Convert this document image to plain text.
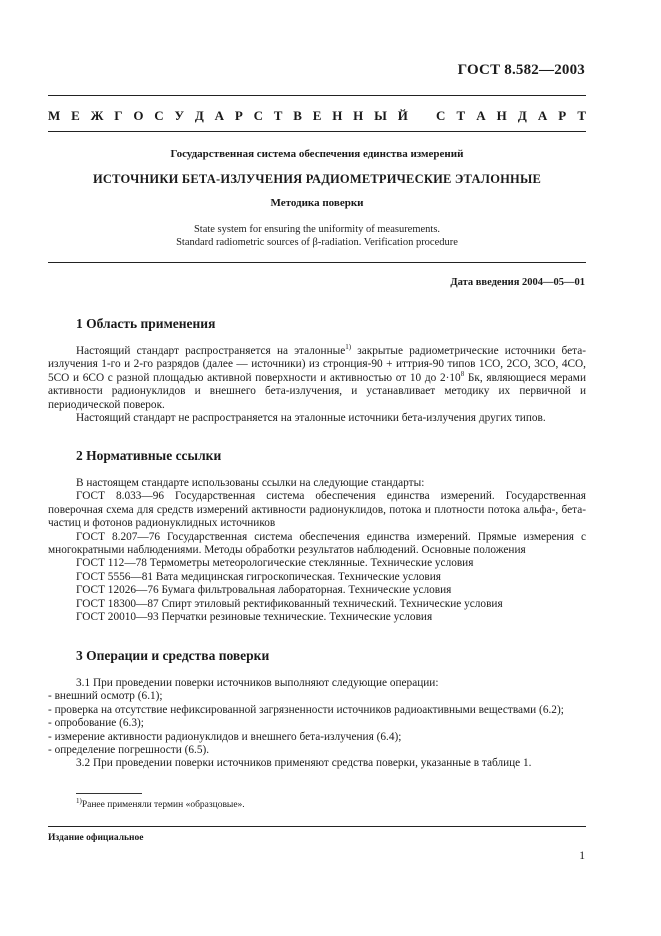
ГОСТ 8.582—2003
М Е Ж Г О С У Д А Р С Т В Е Н Н Ы Й С Т А Н Д А Р Т
Государственная система обеспечения единства измерений
ИСТОЧНИКИ БЕТА-ИЗЛУЧЕНИЯ РАДИОМЕТРИЧЕСКИЕ ЭТАЛОННЫЕ
Методика поверки
State system for ensuring the uniformity of measurements.
Standard radiometric sources of β-radiation. Verification procedure
Дата введения 2004—05—01
1 Область применения

Настоящий стандарт распространяется на эталонные$^{1)}$ закрытые радиометрические источники бета-излучения 1-го и 2-го разрядов (далее — источники) из стронция-90 + иттрия-90 типов 1СО, 2СО, 3СО, 4СО, 5СО и 6СО с разной площадью активной поверхности и активностью от 10 до $2\cdot 10^8$ Бк, являющиеся мерами активности радионуклидов и внешнего бета-излучения, и устанавливает методику их первичной и периодической поверок.

Настоящий стандарт не распространяется на эталонные источники бета-излучения других типов.

2 Нормативные ссылки

В настоящем стандарте использованы ссылки на следующие стандарты:

ГОСТ 8.033—96 Государственная система обеспечения единства измерений. Государственная поверочная схема для средств измерений активности радионуклидов, потока и плотности потока альфа-, бета-частиц и фотонов радионуклидных источников

ГОСТ 8.207—76 Государственная система обеспечения единства измерений. Прямые измерения с многократными наблюдениями. Методы обработки результатов наблюдений. Основные положения

ГОСТ 112—78 Термометры метеорологические стеклянные. Технические условия

ГОСТ 5556—81 Вата медицинская гигроскопическая. Технические условия

ГОСТ 12026—76 Бумага фильтровальная лабораторная. Технические условия

ГОСТ 18300—87 Спирт этиловый ректификованный технический. Технические условия

ГОСТ 20010—93 Перчатки резиновые технические. Технические условия

3 Операции и средства поверки

3.1 При проведении поверки источников выполняют следующие операции:

- внешний осмотр (6.1);

- проверка на отсутствие нефиксированной загрязненности источников радиоактивными веществами (6.2);

- опробование (6.3);

- измерение активности радионуклидов и внешнего бета-излучения (6.4);

- определение погрешности (6.5).

3.2 При проведении поверки источников применяют средства поверки, указанные в таблице 1.

$^{1)}$Ранее применяли термин «образцовые».
Издание официальное
1
